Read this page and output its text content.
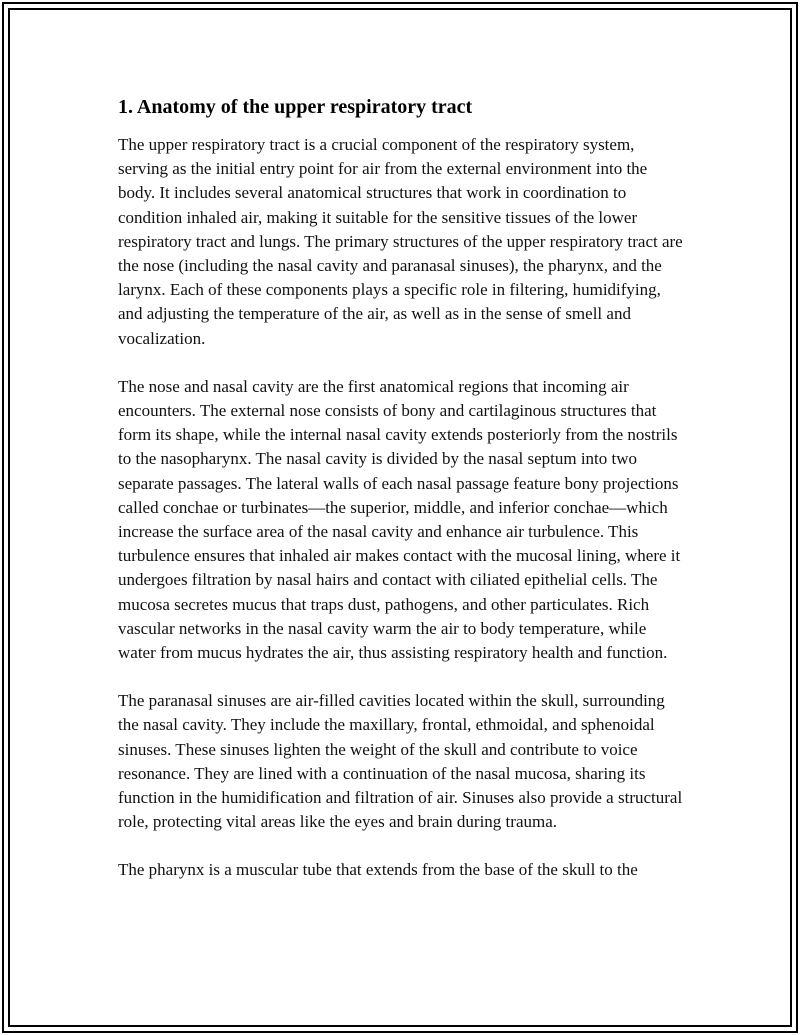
1. Anatomy of the upper respiratory tract

The upper respiratory tract is a crucial component of the respiratory system, serving as the initial entry point for air from the external environment into the body. It includes several anatomical structures that work in coordination to condition inhaled air, making it suitable for the sensitive tissues of the lower respiratory tract and lungs. The primary structures of the upper respiratory tract are the nose (including the nasal cavity and paranasal sinuses), the pharynx, and the larynx. Each of these components plays a specific role in filtering, humidifying, and adjusting the temperature of the air, as well as in the sense of smell and vocalization.

The nose and nasal cavity are the first anatomical regions that incoming air encounters. The external nose consists of bony and cartilaginous structures that form its shape, while the internal nasal cavity extends posteriorly from the nostrils to the nasopharynx. The nasal cavity is divided by the nasal septum into two separate passages. The lateral walls of each nasal passage feature bony projections called conchae or turbinates—the superior, middle, and inferior conchae—which increase the surface area of the nasal cavity and enhance air turbulence. This turbulence ensures that inhaled air makes contact with the mucosal lining, where it undergoes filtration by nasal hairs and contact with ciliated epithelial cells. The mucosa secretes mucus that traps dust, pathogens, and other particulates. Rich vascular networks in the nasal cavity warm the air to body temperature, while water from mucus hydrates the air, thus assisting respiratory health and function.

The paranasal sinuses are air-filled cavities located within the skull, surrounding the nasal cavity. They include the maxillary, frontal, ethmoidal, and sphenoidal sinuses. These sinuses lighten the weight of the skull and contribute to voice resonance. They are lined with a continuation of the nasal mucosa, sharing its function in the humidification and filtration of air. Sinuses also provide a structural role, protecting vital areas like the eyes and brain during trauma.

The pharynx is a muscular tube that extends from the base of the skull to the
